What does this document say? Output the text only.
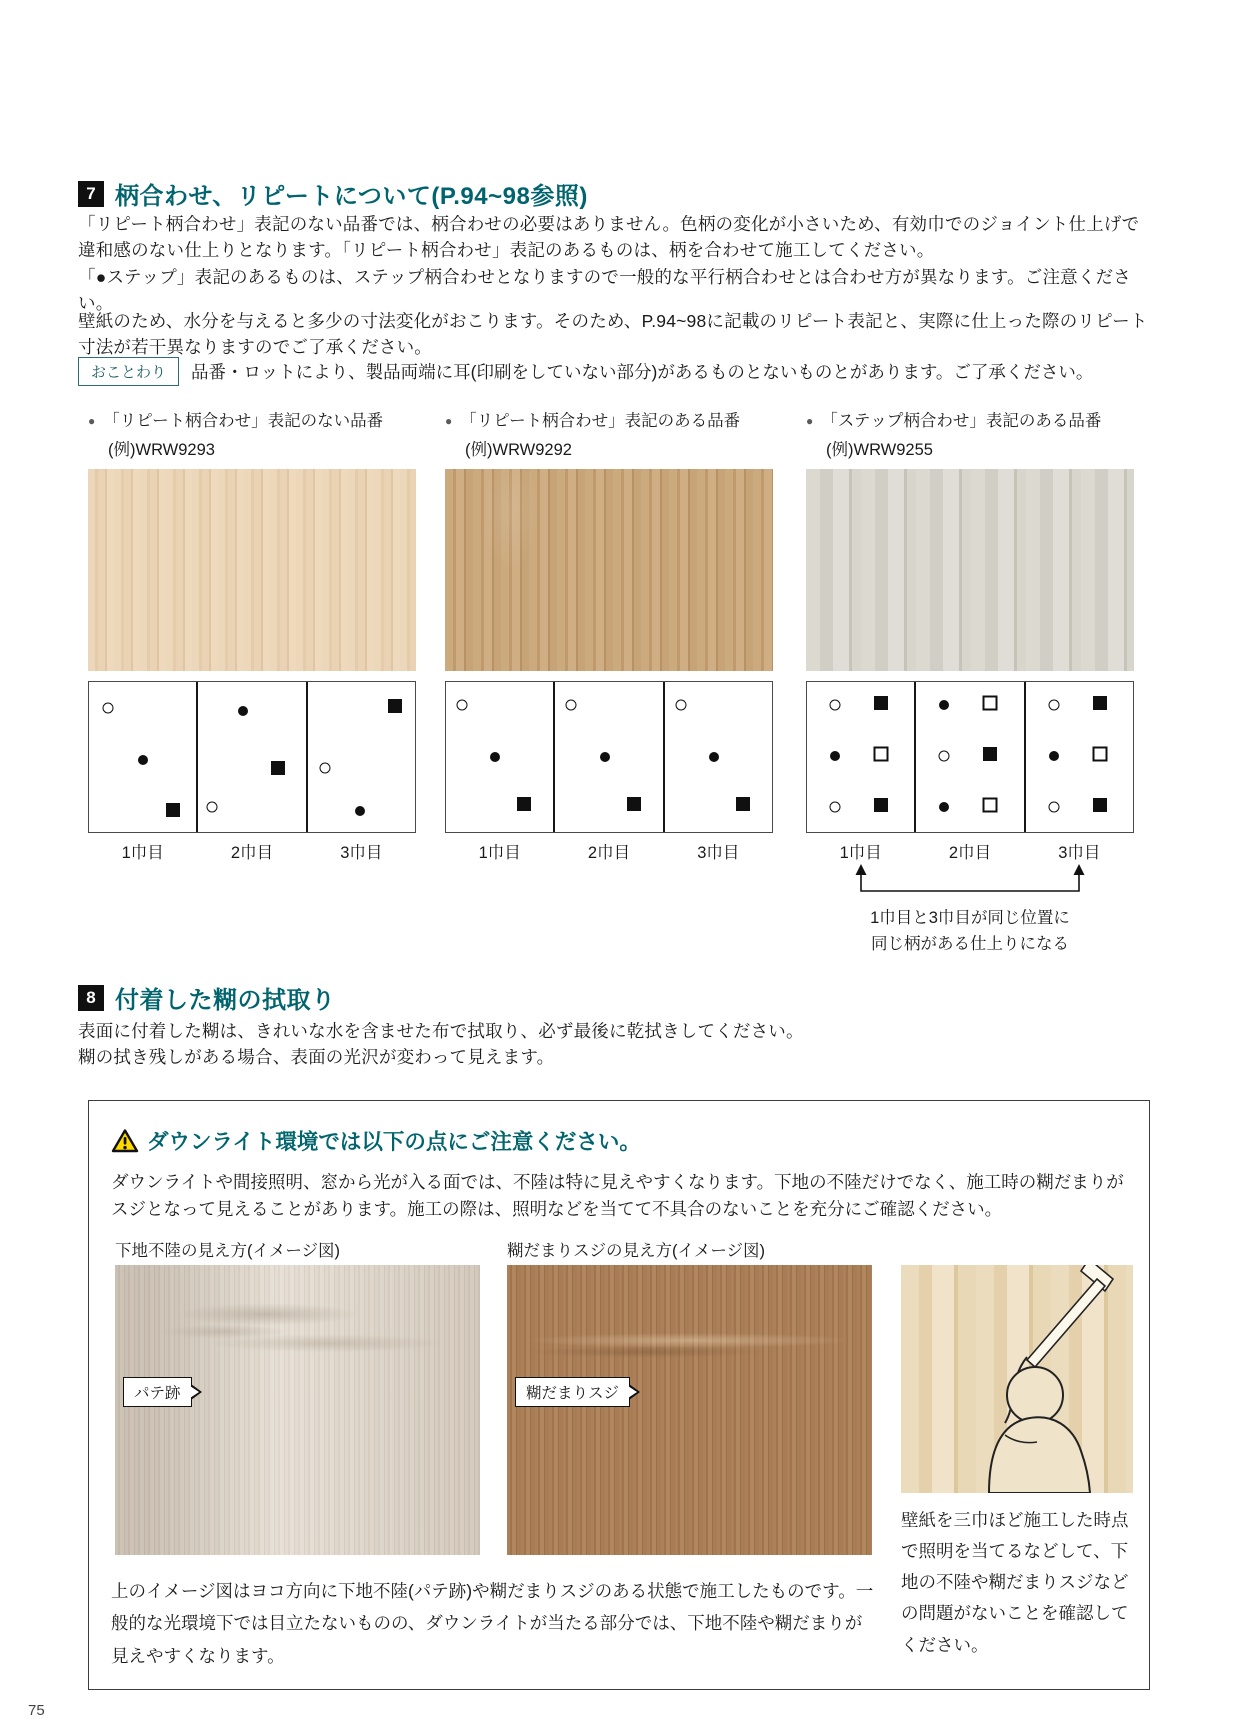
7 柄合わせ、リピートについて(P.94~98参照)
「リピート柄合わせ」表記のない品番では、柄合わせの必要はありません。色柄の変化が小さいため、有効巾でのジョイント仕上げで違和感のない仕上りとなります。「リピート柄合わせ」表記のあるものは、柄を合わせて施工してください。
「●ステップ」表記のあるものは、ステップ柄合わせとなりますので一般的な平行柄合わせとは合わせ方が異なります。ご注意ください。
壁紙のため、水分を与えると多少の寸法変化がおこります。そのため、P.94~98に記載のリピート表記と、実際に仕上った際のリピート寸法が若干異なりますのでご了承ください。
おことわり	品番・ロットにより、製品両端に耳(印刷をしていない部分)があるものとないものとがあります。ご了承ください。
● 「リピート柄合わせ」表記のない品番
(例)WRW9293
1巾目	2巾目	3巾目
● 「リピート柄合わせ」表記のある品番
(例)WRW9292
1巾目	2巾目	3巾目
● 「ステップ柄合わせ」表記のある品番
(例)WRW9255
1巾目	2巾目	3巾目
1巾目と3巾目が同じ位置に
同じ柄がある仕上りになる
8 付着した糊の拭取り
表面に付着した糊は、きれいな水を含ませた布で拭取り、必ず最後に乾拭きしてください。
糊の拭き残しがある場合、表面の光沢が変わって見えます。
ダウンライト環境では以下の点にご注意ください。
ダウンライトや間接照明、窓から光が入る面では、不陸は特に見えやすくなります。下地の不陸だけでなく、施工時の糊だまりがスジとなって見えることがあります。施工の際は、照明などを当てて不具合のないことを充分にご確認ください。
下地不陸の見え方(イメージ図)	糊だまりスジの見え方(イメージ図)
パテ跡	糊だまりスジ
壁紙を三巾ほど施工した時点で照明を当てるなどして、下地の不陸や糊だまりスジなどの問題がないことを確認してください。
上のイメージ図はヨコ方向に下地不陸(パテ跡)や糊だまりスジのある状態で施工したものです。一般的な光環境下では目立たないものの、ダウンライトが当たる部分では、下地不陸や糊だまりが見えやすくなります。
75
